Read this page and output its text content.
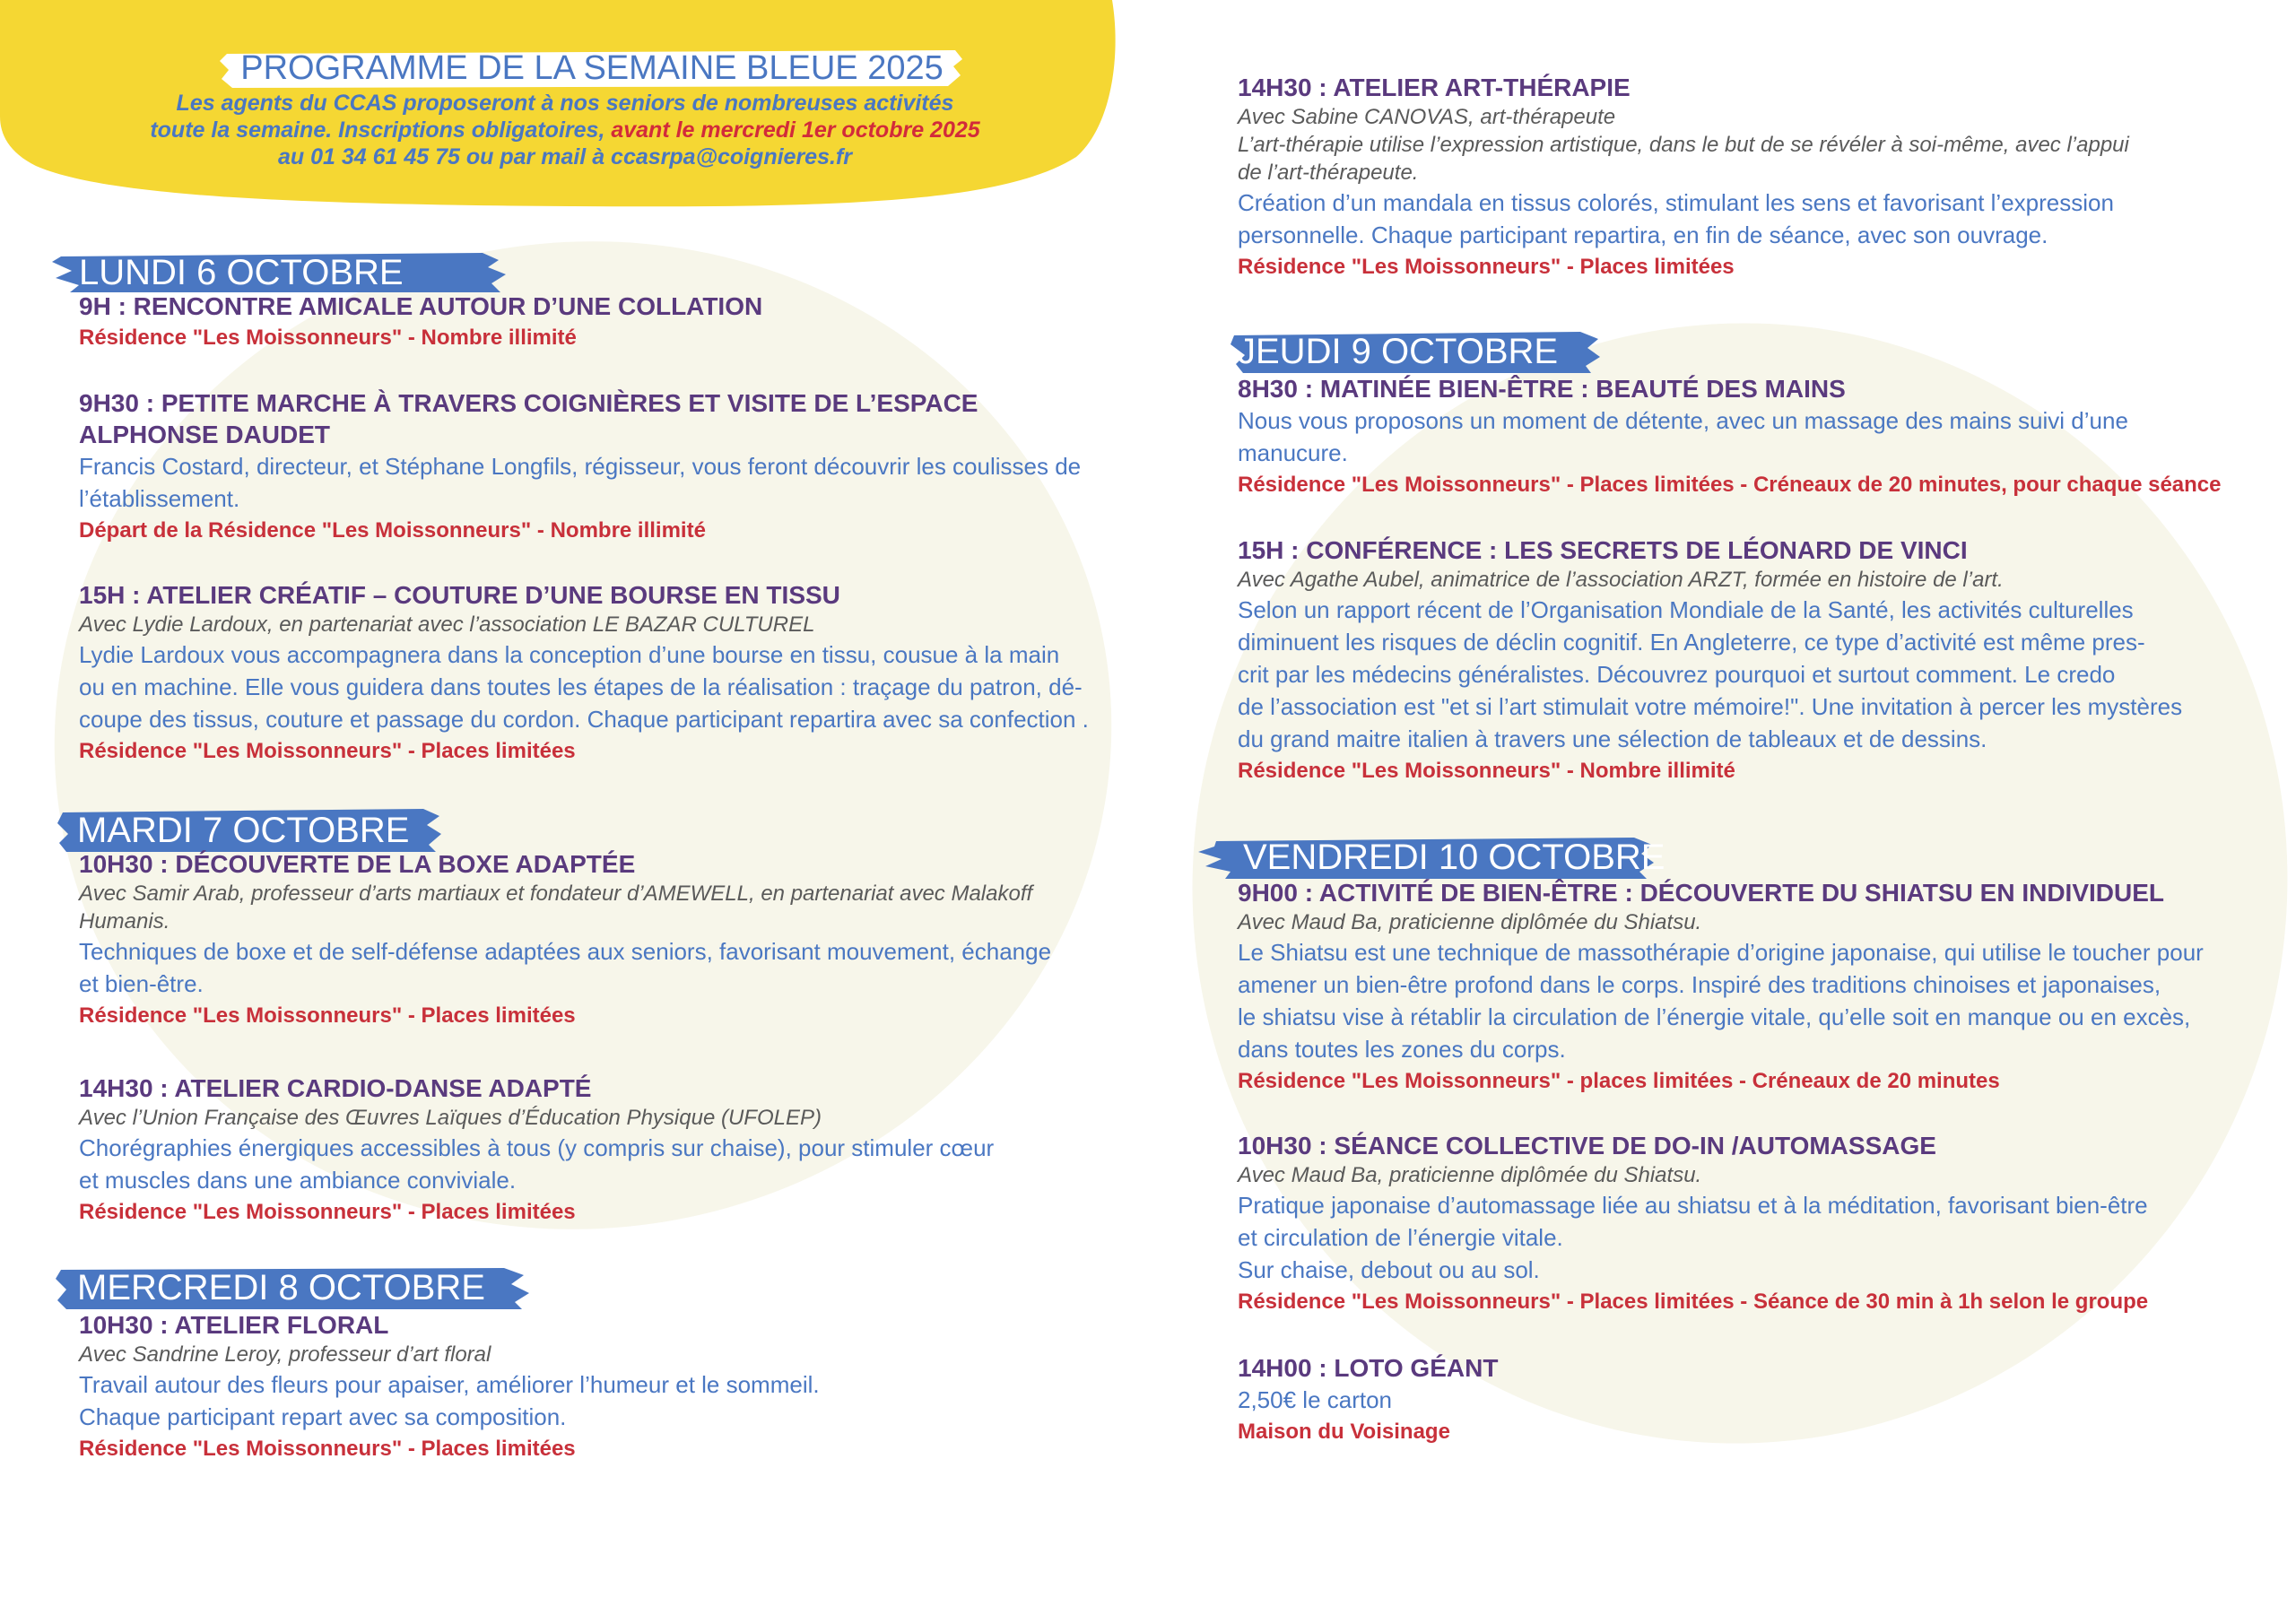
PROGRAMME DE LA SEMAINE BLEUE 2025
Les agents du CCAS proposeront à nos seniors de nombreuses activités
toute la semaine. Inscriptions obligatoires, avant le mercredi 1er octobre 2025
au 01 34 61 45 75 ou par mail à ccasrpa@coignieres.fr
LUNDI 6 OCTOBRE
9H : RENCONTRE AMICALE AUTOUR D’UNE COLLATION
Résidence "Les Moissonneurs" - Nombre illimité
9H30 : PETITE MARCHE À TRAVERS COIGNIÈRES ET VISITE DE L’ESPACE
ALPHONSE DAUDET
Francis Costard, directeur, et Stéphane Longfils, régisseur, vous feront découvrir les coulisses de
l’établissement.
Départ de la Résidence "Les Moissonneurs" - Nombre illimité
15H : ATELIER CRÉATIF – COUTURE D’UNE BOURSE EN TISSU
Avec Lydie Lardoux, en partenariat avec l’association LE BAZAR CULTUREL
Lydie Lardoux vous accompagnera dans la conception d’une bourse en tissu, cousue à la main
ou en machine. Elle vous guidera dans toutes les étapes de la réalisation : traçage du patron, dé-
coupe des tissus, couture et passage du cordon. Chaque participant repartira avec sa confection .
Résidence "Les Moissonneurs" - Places limitées
MARDI 7 OCTOBRE
10H30 : DÉCOUVERTE DE LA BOXE ADAPTÉE
Avec Samir Arab, professeur d’arts martiaux et fondateur d’AMEWELL, en partenariat avec Malakoff
Humanis.
Techniques de boxe et de self-défense adaptées aux seniors, favorisant mouvement, échange
et bien-être.
Résidence "Les Moissonneurs" - Places limitées
14H30 : ATELIER CARDIO-DANSE ADAPTÉ
Avec l’Union Française des Œuvres Laïques d’Éducation Physique (UFOLEP)
Chorégraphies énergiques accessibles à tous (y compris sur chaise), pour stimuler cœur
et muscles dans une ambiance conviviale.
Résidence "Les Moissonneurs" - Places limitées
MERCREDI 8 OCTOBRE
10H30 : ATELIER FLORAL
Avec Sandrine Leroy, professeur d’art floral
Travail autour des fleurs pour apaiser, améliorer l’humeur et le sommeil.
Chaque participant repart avec sa composition.
Résidence "Les Moissonneurs" - Places limitées
14H30 : ATELIER ART-THÉRAPIE
Avec Sabine CANOVAS, art-thérapeute
L’art-thérapie utilise l’expression artistique, dans le but de se révéler à soi-même, avec l’appui
de l’art-thérapeute.
Création d’un mandala en tissus colorés, stimulant les sens et favorisant l’expression
personnelle. Chaque participant repartira, en fin de séance, avec son ouvrage.
Résidence "Les Moissonneurs" - Places limitées
JEUDI 9 OCTOBRE
8H30 : MATINÉE BIEN-ÊTRE : BEAUTÉ DES MAINS
Nous vous proposons un moment de détente, avec un massage des mains suivi d’une
manucure.
Résidence "Les Moissonneurs" - Places limitées - Créneaux de 20 minutes, pour chaque séance
15H : CONFÉRENCE : LES SECRETS DE LÉONARD DE VINCI
Avec Agathe Aubel, animatrice de l’association ARZT, formée en histoire de l’art.
Selon un rapport récent de l’Organisation Mondiale de la Santé, les activités culturelles
diminuent les risques de déclin cognitif. En Angleterre, ce type d’activité est même pres-
crit par les médecins généralistes. Découvrez pourquoi et surtout comment. Le credo
de l’association est "et si l’art stimulait votre mémoire!". Une invitation à percer les mystères
du grand maitre italien à travers une sélection de tableaux et de dessins.
Résidence "Les Moissonneurs" - Nombre illimité
VENDREDI 10 OCTOBRE
9H00 : ACTIVITÉ DE BIEN-ÊTRE : DÉCOUVERTE DU SHIATSU EN INDIVIDUEL
Avec Maud Ba, praticienne diplômée du Shiatsu.
Le Shiatsu est une technique de massothérapie d’origine japonaise, qui utilise le toucher pour
amener un bien-être profond dans le corps. Inspiré des traditions chinoises et japonaises,
le shiatsu vise à rétablir la circulation de l’énergie vitale, qu’elle soit en manque ou en excès,
dans toutes les zones du corps.
Résidence "Les Moissonneurs" - places limitées - Créneaux de 20 minutes
10H30 : SÉANCE COLLECTIVE DE DO-IN /AUTOMASSAGE
Avec Maud Ba, praticienne diplômée du Shiatsu.
Pratique japonaise d’automassage liée au shiatsu et à la méditation, favorisant bien-être
et circulation de l’énergie vitale.
Sur chaise, debout ou au sol.
Résidence "Les Moissonneurs" - Places limitées - Séance de 30 min à 1h selon le groupe
14H00 : LOTO GÉANT
2,50€ le carton
Maison du Voisinage
